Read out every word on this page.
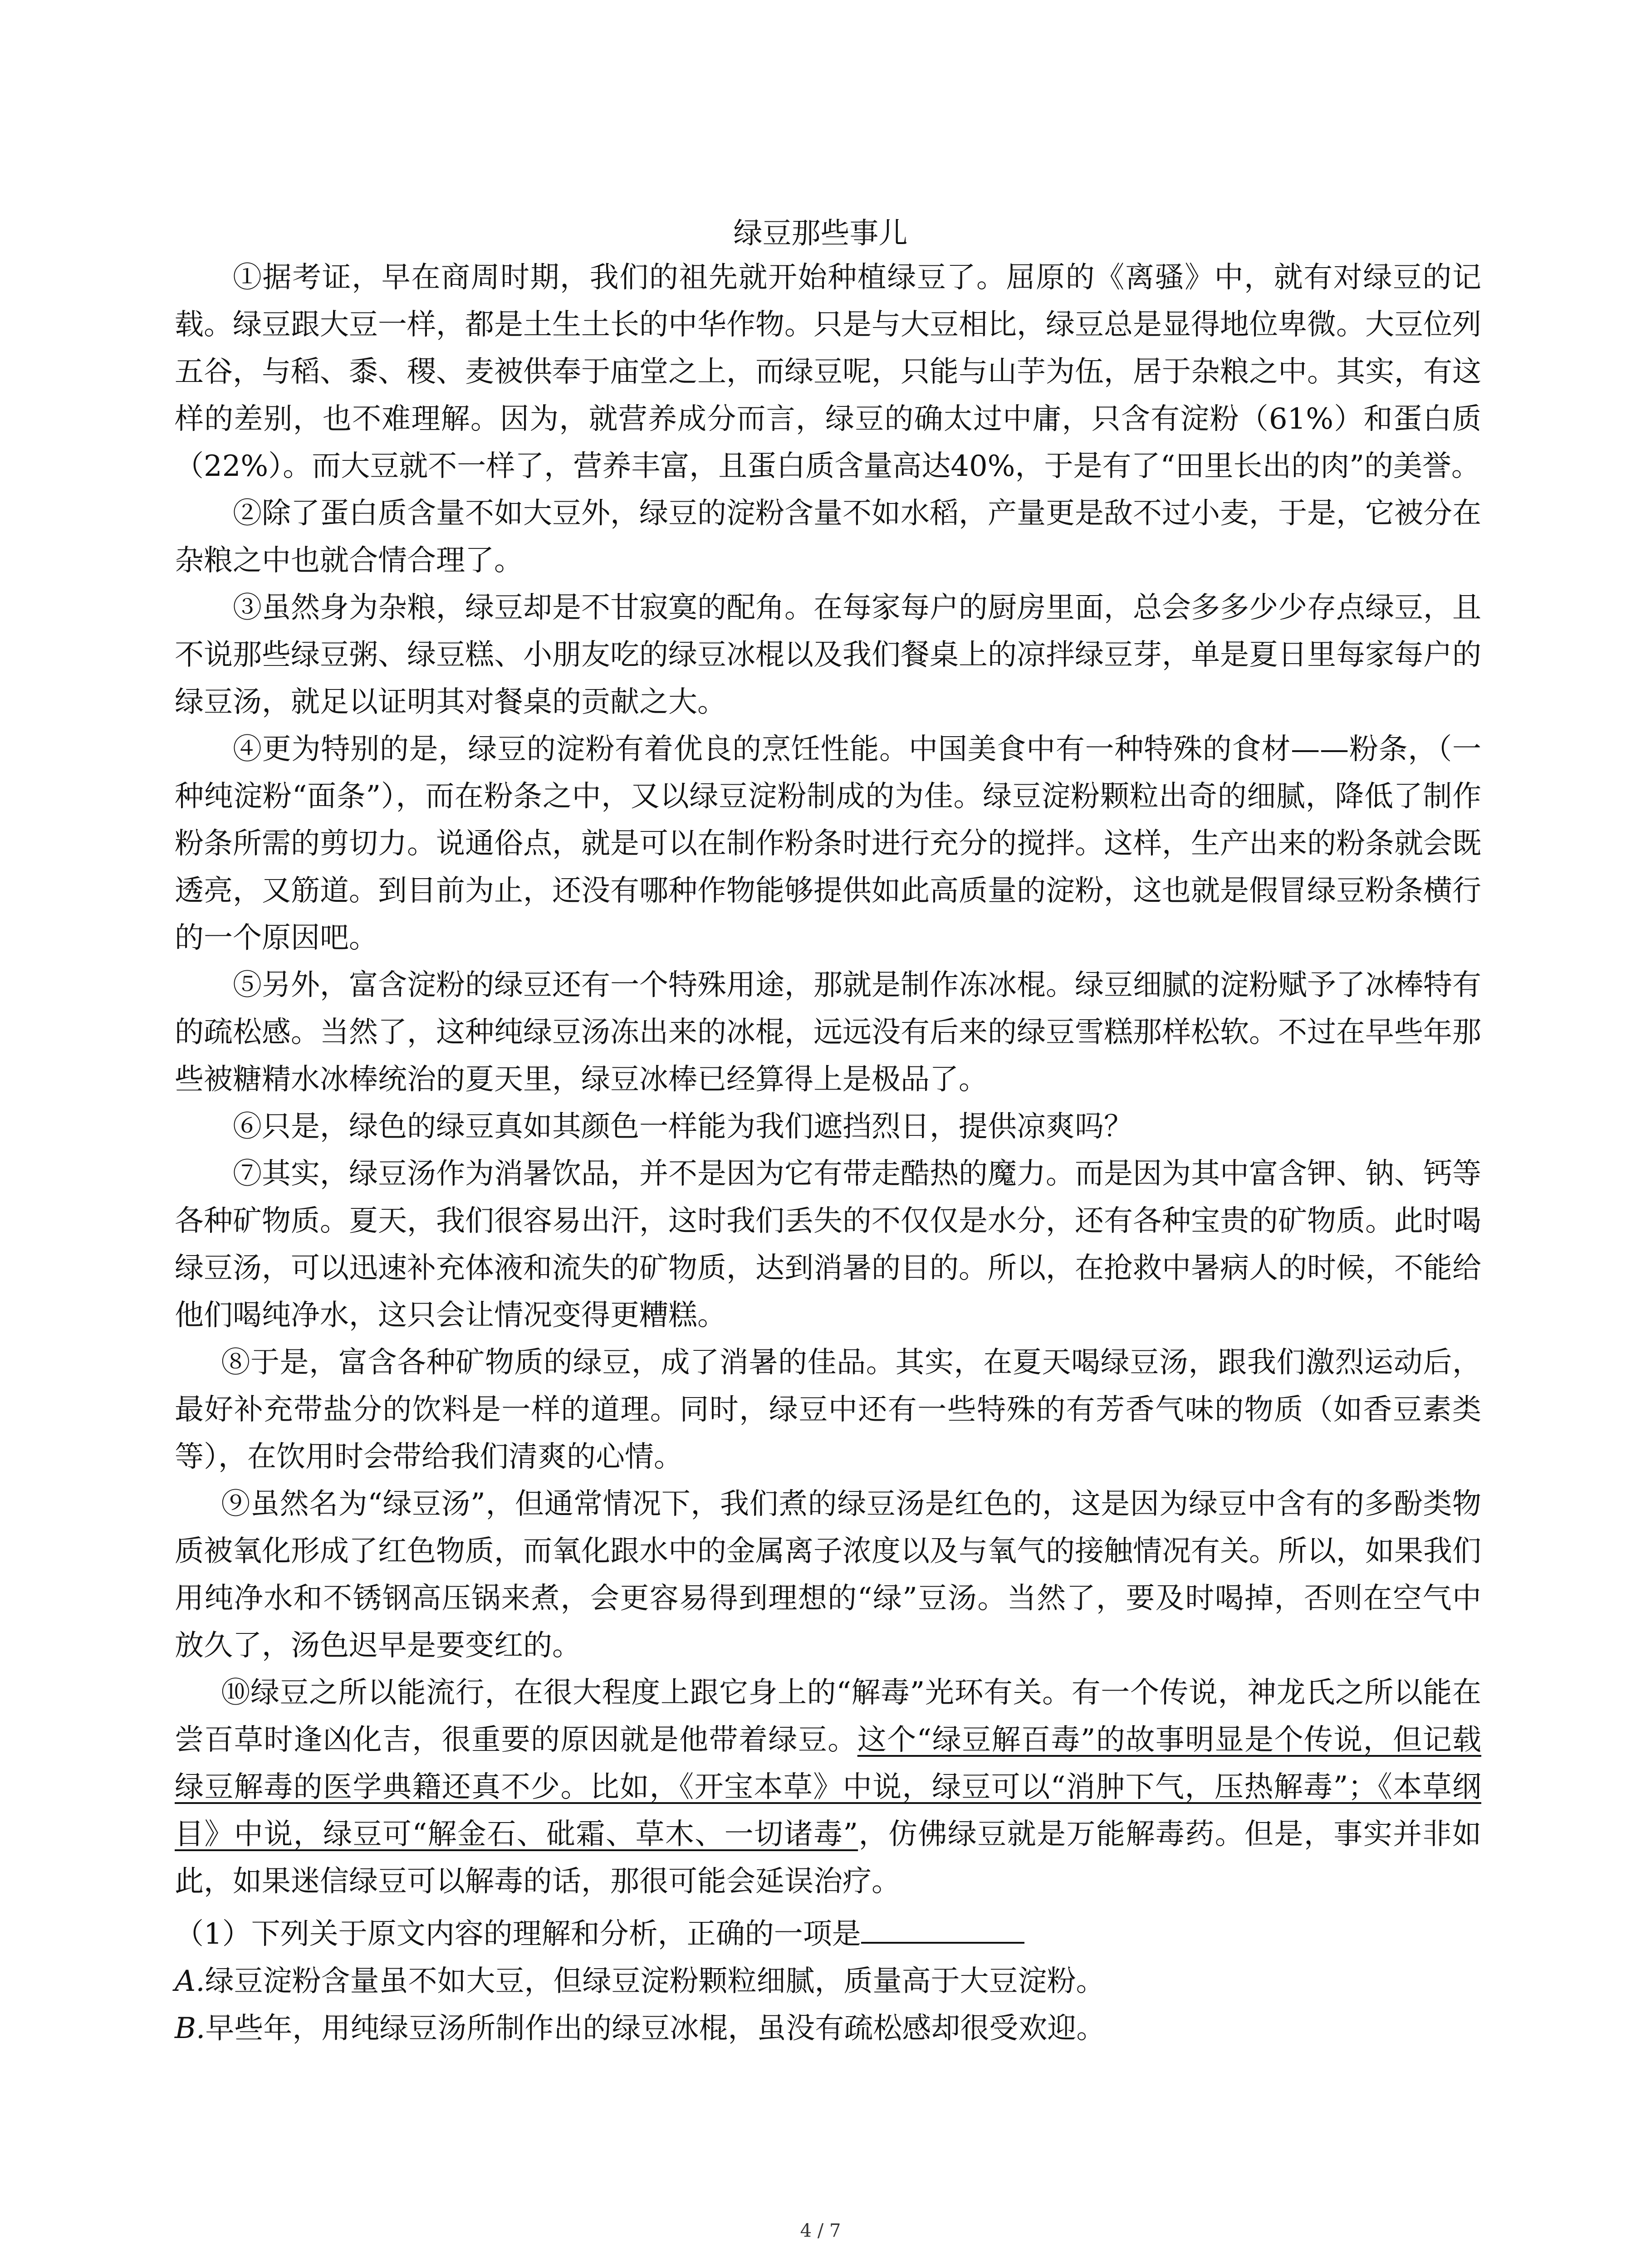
绿豆那些事儿

①据考证，早在商周时期，我们的祖先就开始种植绿豆了。屈原的《离骚》中，就有对绿豆的记载。绿豆跟大豆一样，都是土生土长的中华作物。只是与大豆相比，绿豆总是显得地位卑微。大豆位列五谷，与稻、黍、稷、麦被供奉于庙堂之上，而绿豆呢，只能与山芋为伍，居于杂粮之中。其实，有这样的差别，也不难理解。因为，就营养成分而言，绿豆的确太过中庸，只含有淀粉（61%）和蛋白质（22%）。而大豆就不一样了，营养丰富，且蛋白质含量高达40%，于是有了“田里长出的肉”的美誉。

②除了蛋白质含量不如大豆外，绿豆的淀粉含量不如水稻，产量更是敌不过小麦，于是，它被分在杂粮之中也就合情合理了。

③虽然身为杂粮，绿豆却是不甘寂寞的配角。在每家每户的厨房里面，总会多多少少存点绿豆，且不说那些绿豆粥、绿豆糕、小朋友吃的绿豆冰棍以及我们餐桌上的凉拌绿豆芽，单是夏日里每家每户的绿豆汤，就足以证明其对餐桌的贡献之大。

④更为特别的是，绿豆的淀粉有着优良的烹饪性能。中国美食中有一种特殊的食材——粉条，（一种纯淀粉“面条”），而在粉条之中，又以绿豆淀粉制成的为佳。绿豆淀粉颗粒出奇的细腻，降低了制作粉条所需的剪切力。说通俗点，就是可以在制作粉条时进行充分的搅拌。这样，生产出来的粉条就会既透亮，又筋道。到目前为止，还没有哪种作物能够提供如此高质量的淀粉，这也就是假冒绿豆粉条横行的一个原因吧。

⑤另外，富含淀粉的绿豆还有一个特殊用途，那就是制作冻冰棍。绿豆细腻的淀粉赋予了冰棒特有的疏松感。当然了，这种纯绿豆汤冻出来的冰棍，远远没有后来的绿豆雪糕那样松软。不过在早些年那些被糖精水冰棒统治的夏天里，绿豆冰棒已经算得上是极品了。

⑥只是，绿色的绿豆真如其颜色一样能为我们遮挡烈日，提供凉爽吗？

⑦其实，绿豆汤作为消暑饮品，并不是因为它有带走酷热的魔力。而是因为其中富含钾、钠、钙等各种矿物质。夏天，我们很容易出汗，这时我们丢失的不仅仅是水分，还有各种宝贵的矿物质。此时喝绿豆汤，可以迅速补充体液和流失的矿物质，达到消暑的目的。所以，在抢救中暑病人的时候，不能给他们喝纯净水，这只会让情况变得更糟糕。

⑧于是，富含各种矿物质的绿豆，成了消暑的佳品。其实，在夏天喝绿豆汤，跟我们激烈运动后，最好补充带盐分的饮料是一样的道理。同时，绿豆中还有一些特殊的有芳香气味的物质（如香豆素类等），在饮用时会带给我们清爽的心情。

⑨虽然名为“绿豆汤”，但通常情况下，我们煮的绿豆汤是红色的，这是因为绿豆中含有的多酚类物质被氧化形成了红色物质，而氧化跟水中的金属离子浓度以及与氧气的接触情况有关。所以，如果我们用纯净水和不锈钢高压锅来煮，会更容易得到理想的“绿”豆汤。当然了，要及时喝掉，否则在空气中放久了，汤色迟早是要变红的。

⑩绿豆之所以能流行，在很大程度上跟它身上的“解毒”光环有关。有一个传说，神龙氏之所以能在尝百草时逢凶化吉，很重要的原因就是他带着绿豆。这个“绿豆解百毒”的故事明显是个传说，但记载绿豆解毒的医学典籍还真不少。比如，《开宝本草》中说，绿豆可以“消肿下气，压热解毒”；《本草纲目》中说，绿豆可“解金石、砒霜、草木、一切诸毒”，仿佛绿豆就是万能解毒药。但是，事实并非如此，如果迷信绿豆可以解毒的话，那很可能会延误治疗。

（1）下列关于原文内容的理解和分析，正确的一项是

A.绿豆淀粉含量虽不如大豆，但绿豆淀粉颗粒细腻，质量高于大豆淀粉。

B.早些年，用纯绿豆汤所制作出的绿豆冰棍，虽没有疏松感却很受欢迎。

4 / 7
